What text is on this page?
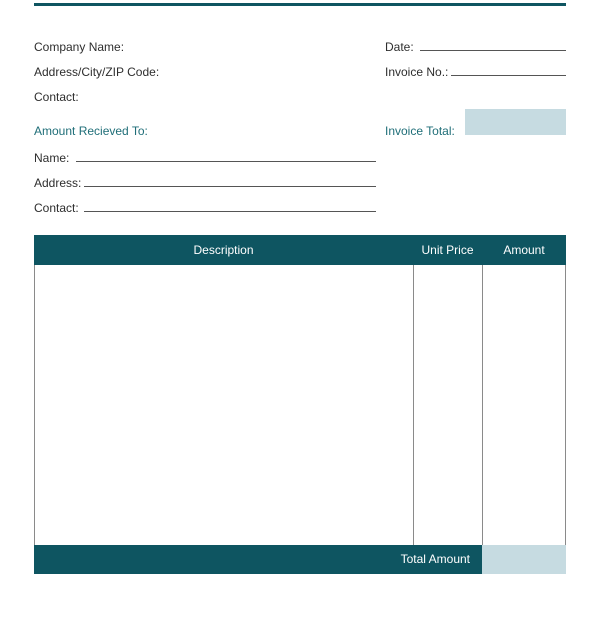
Company Name:
Address/City/ZIP Code:
Contact:
Date:
Invoice No.:
Invoice Total:
Amount Recieved To:
Name:
Address:
Contact:
Description	Unit Price	Amount
Total Amount
